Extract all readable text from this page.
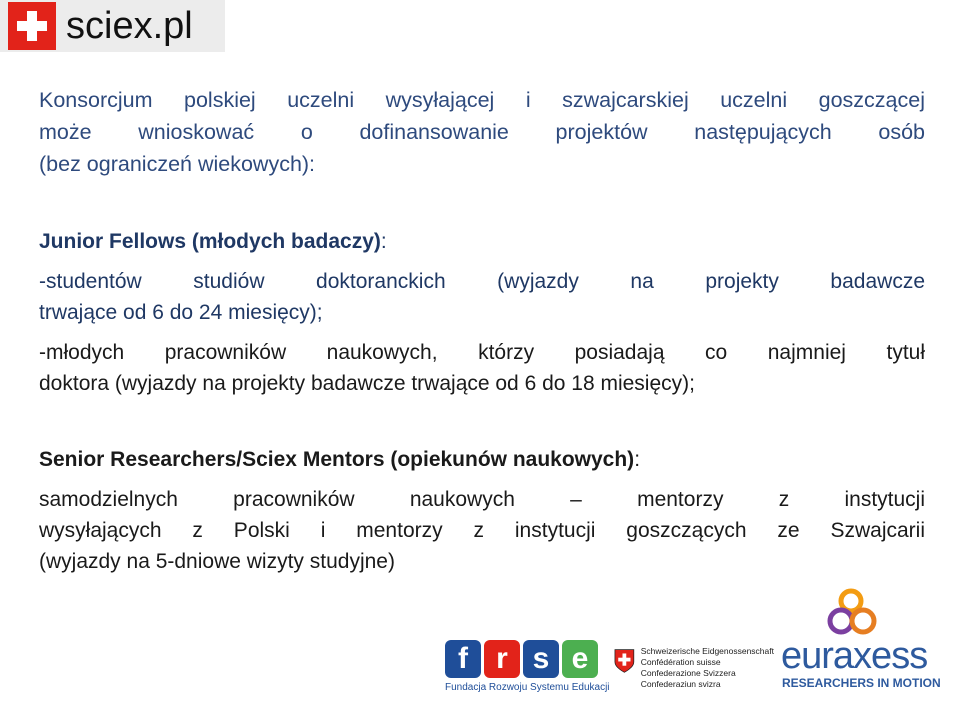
sciex.pl
Konsorcjum polskiej uczelni wysyłającej i szwajcarskiej uczelni goszczącej
może wnioskować o dofinansowanie projektów następujących osób
(bez ograniczeń wiekowych):
Junior Fellows (młodych badaczy):
-studentów studiów doktoranckich (wyjazdy na projekty badawcze
trwające od 6 do 24 miesięcy);
-młodych pracowników naukowych, którzy posiadają co najmniej tytuł
doktora (wyjazdy na projekty badawcze trwające od 6 do 18 miesięcy);
Senior Researchers/Sciex Mentors (opiekunów naukowych):
samodzielnych pracowników naukowych – mentorzy z instytucji
wysyłających z Polski i mentorzy z instytucji goszczących ze Szwajcarii
(wyjazdy na 5-dniowe wizyty studyjne)
f r s e
Fundacja Rozwoju Systemu Edukacji
Schweizerische Eidgenossenschaft
Confédération suisse
Confederazione Svizzera
Confederaziun svizra
euraxess
RESEARCHERS IN MOTION
